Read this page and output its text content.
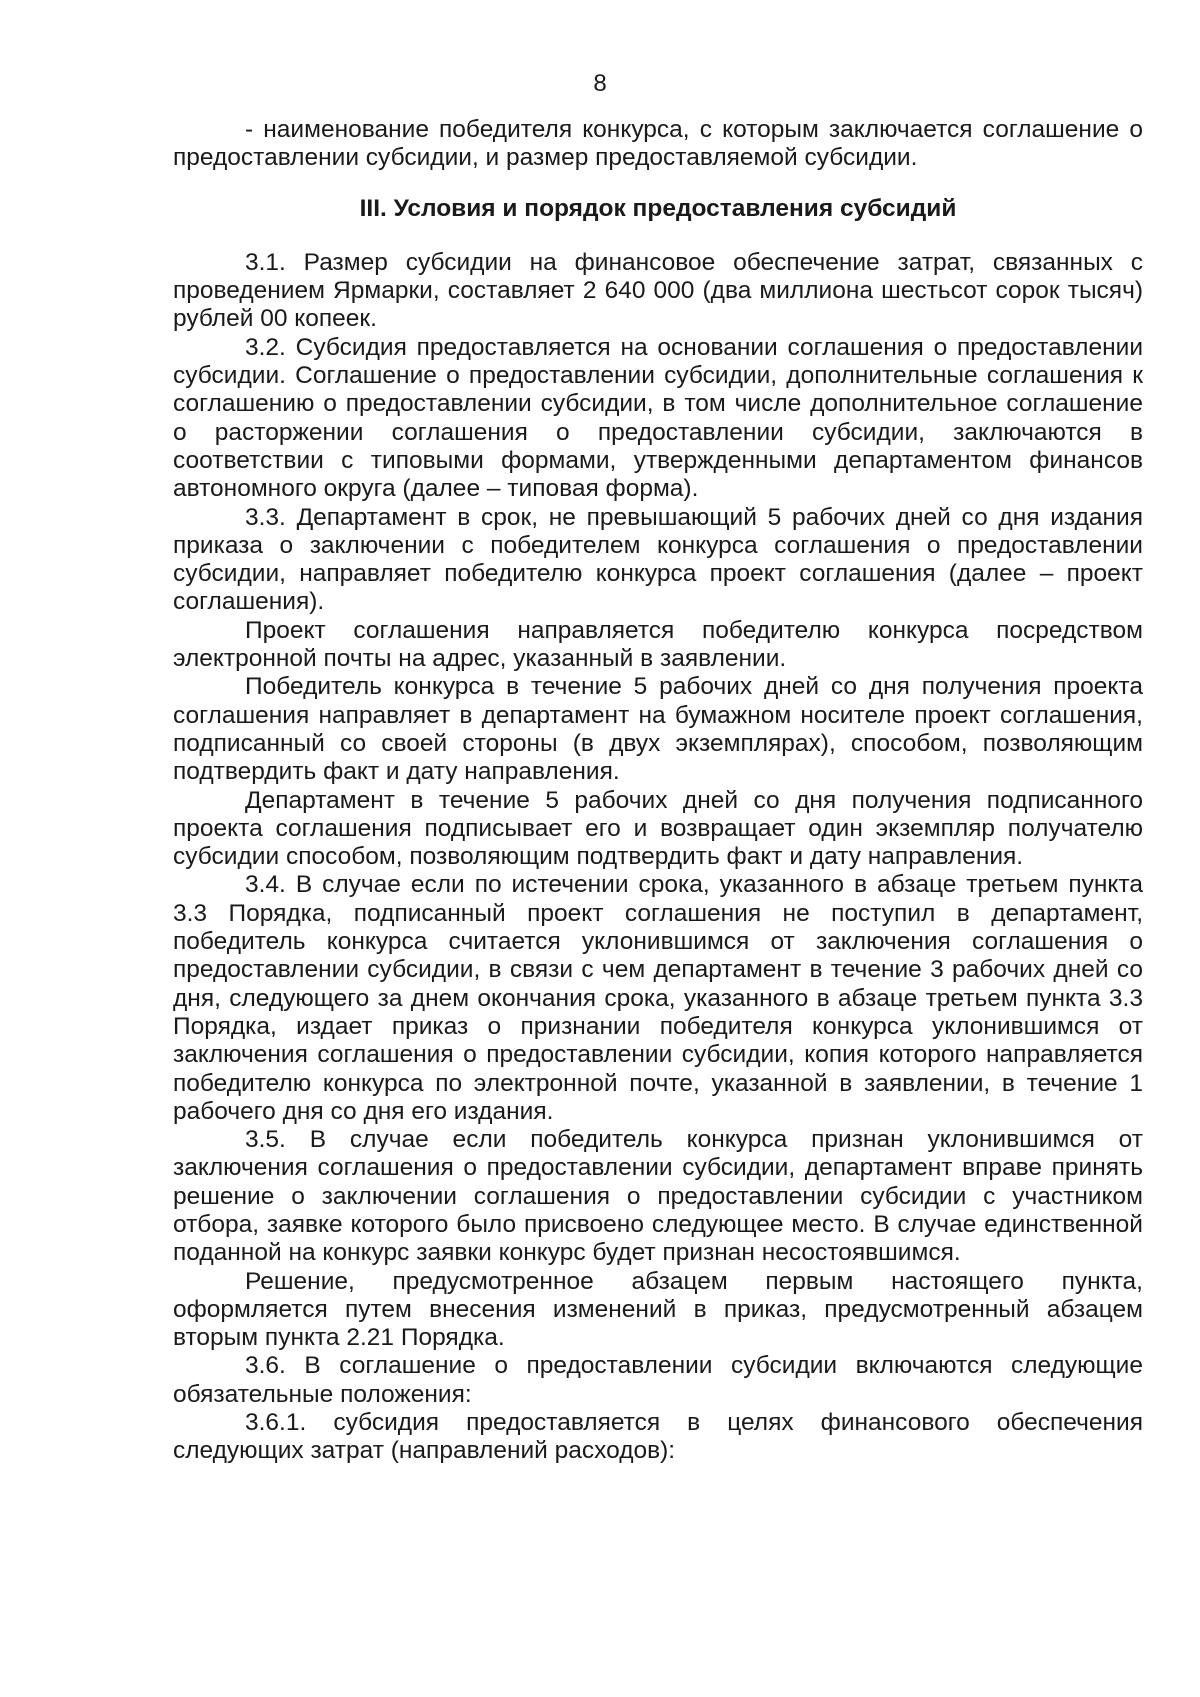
8

- наименование победителя конкурса, с которым заключается соглашение о предоставлении субсидии, и размер предоставляемой субсидии.

III. Условия и порядок предоставления субсидий

3.1. Размер субсидии на финансовое обеспечение затрат, связанных с проведением Ярмарки, составляет 2 640 000 (два миллиона шестьсот сорок тысяч) рублей 00 копеек.

3.2. Субсидия предоставляется на основании соглашения о предоставлении субсидии. Соглашение о предоставлении субсидии, дополнительные соглашения к соглашению о предоставлении субсидии, в том числе дополнительное соглашение о расторжении соглашения о предоставлении субсидии, заключаются в соответствии с типовыми формами, утвержденными департаментом финансов автономного округа (далее – типовая форма).

3.3. Департамент в срок, не превышающий 5 рабочих дней со дня издания приказа о заключении с победителем конкурса соглашения о предоставлении субсидии, направляет победителю конкурса проект соглашения (далее – проект соглашения).

Проект соглашения направляется победителю конкурса посредством электронной почты на адрес, указанный в заявлении.

Победитель конкурса в течение 5 рабочих дней со дня получения проекта соглашения направляет в департамент на бумажном носителе проект соглашения, подписанный со своей стороны (в двух экземплярах), способом, позволяющим подтвердить факт и дату направления.

Департамент в течение 5 рабочих дней со дня получения подписанного проекта соглашения подписывает его и возвращает один экземпляр получателю субсидии способом, позволяющим подтвердить факт и дату направления.

3.4. В случае если по истечении срока, указанного в абзаце третьем пункта 3.3 Порядка, подписанный проект соглашения не поступил в департамент, победитель конкурса считается уклонившимся от заключения соглашения о предоставлении субсидии, в связи с чем департамент в течение 3 рабочих дней со дня, следующего за днем окончания срока, указанного в абзаце третьем пункта 3.3 Порядка, издает приказ о признании победителя конкурса уклонившимся от заключения соглашения о предоставлении субсидии, копия которого направляется победителю конкурса по электронной почте, указанной в заявлении, в течение 1 рабочего дня со дня его издания.

3.5. В случае если победитель конкурса признан уклонившимся от заключения соглашения о предоставлении субсидии, департамент вправе принять решение о заключении соглашения о предоставлении субсидии с участником отбора, заявке которого было присвоено следующее место. В случае единственной поданной на конкурс заявки конкурс будет признан несостоявшимся.

Решение, предусмотренное абзацем первым настоящего пункта, оформляется путем внесения изменений в приказ, предусмотренный абзацем вторым пункта 2.21 Порядка.

3.6. В соглашение о предоставлении субсидии включаются следующие обязательные положения:

3.6.1. субсидия предоставляется в целях финансового обеспечения следующих затрат (направлений расходов):
